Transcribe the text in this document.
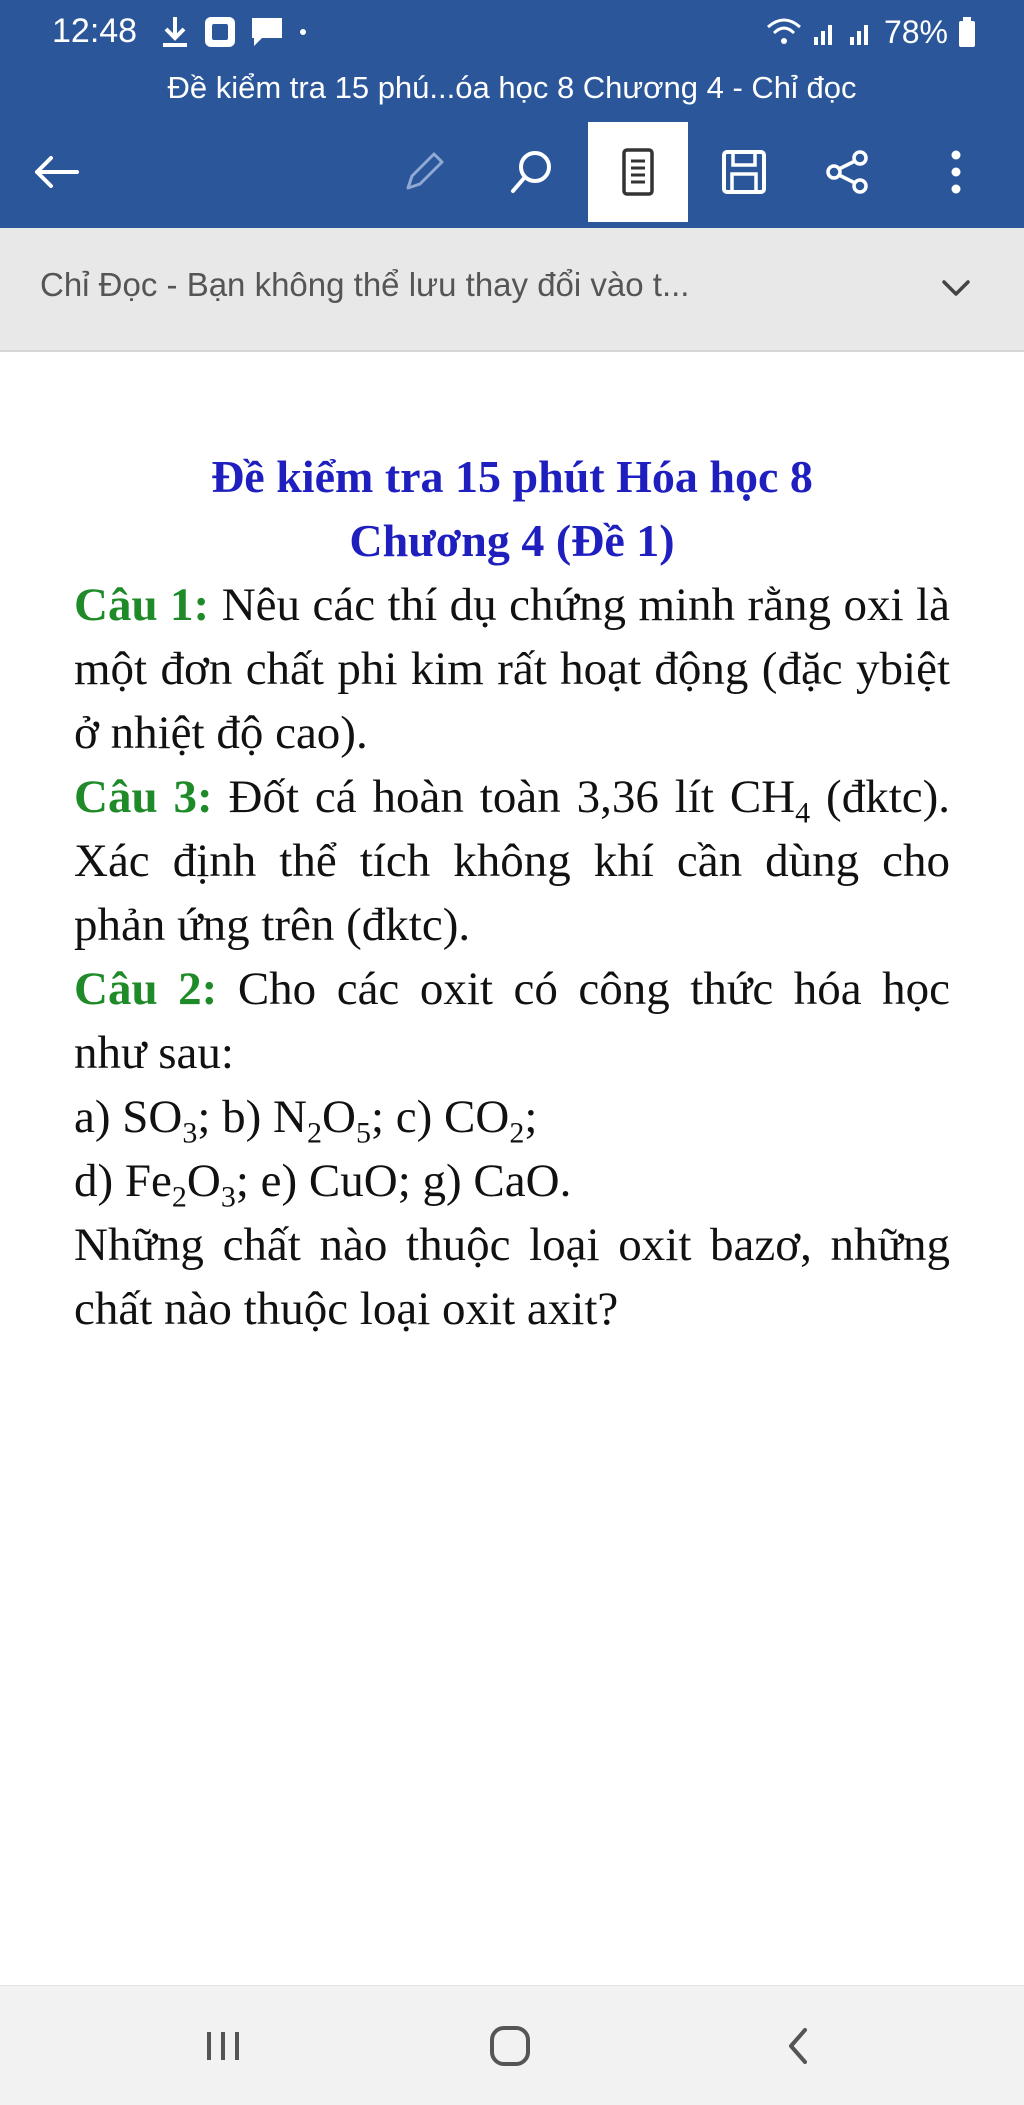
12:48	78%
Đề kiểm tra 15 phú...óa học 8 Chương 4 - Chỉ đọc
Chỉ Đọc - Bạn không thể lưu thay đổi vào t...
Đề kiểm tra 15 phút Hóa học 8
Chương 4 (Đề 1)

Câu 1: Nêu các thí dụ chứng minh rằng oxi là một đơn chất phi kim rất hoạt động (đặc ybiệt ở nhiệt độ cao).

Câu 3: Đốt cá hoàn toàn 3,36 lít $CH_4$ (đktc). Xác định thể tích không khí cần dùng cho phản ứng trên (đktc).

Câu 2: Cho các oxit có công thức hóa học như sau:

a) $SO_3$; b) $N_2O_5$; c) $CO_2$;

d) $Fe_2O_3$; e) CuO; g) CaO.

Những chất nào thuộc loại oxit bazơ, những chất nào thuộc loại oxit axit?
